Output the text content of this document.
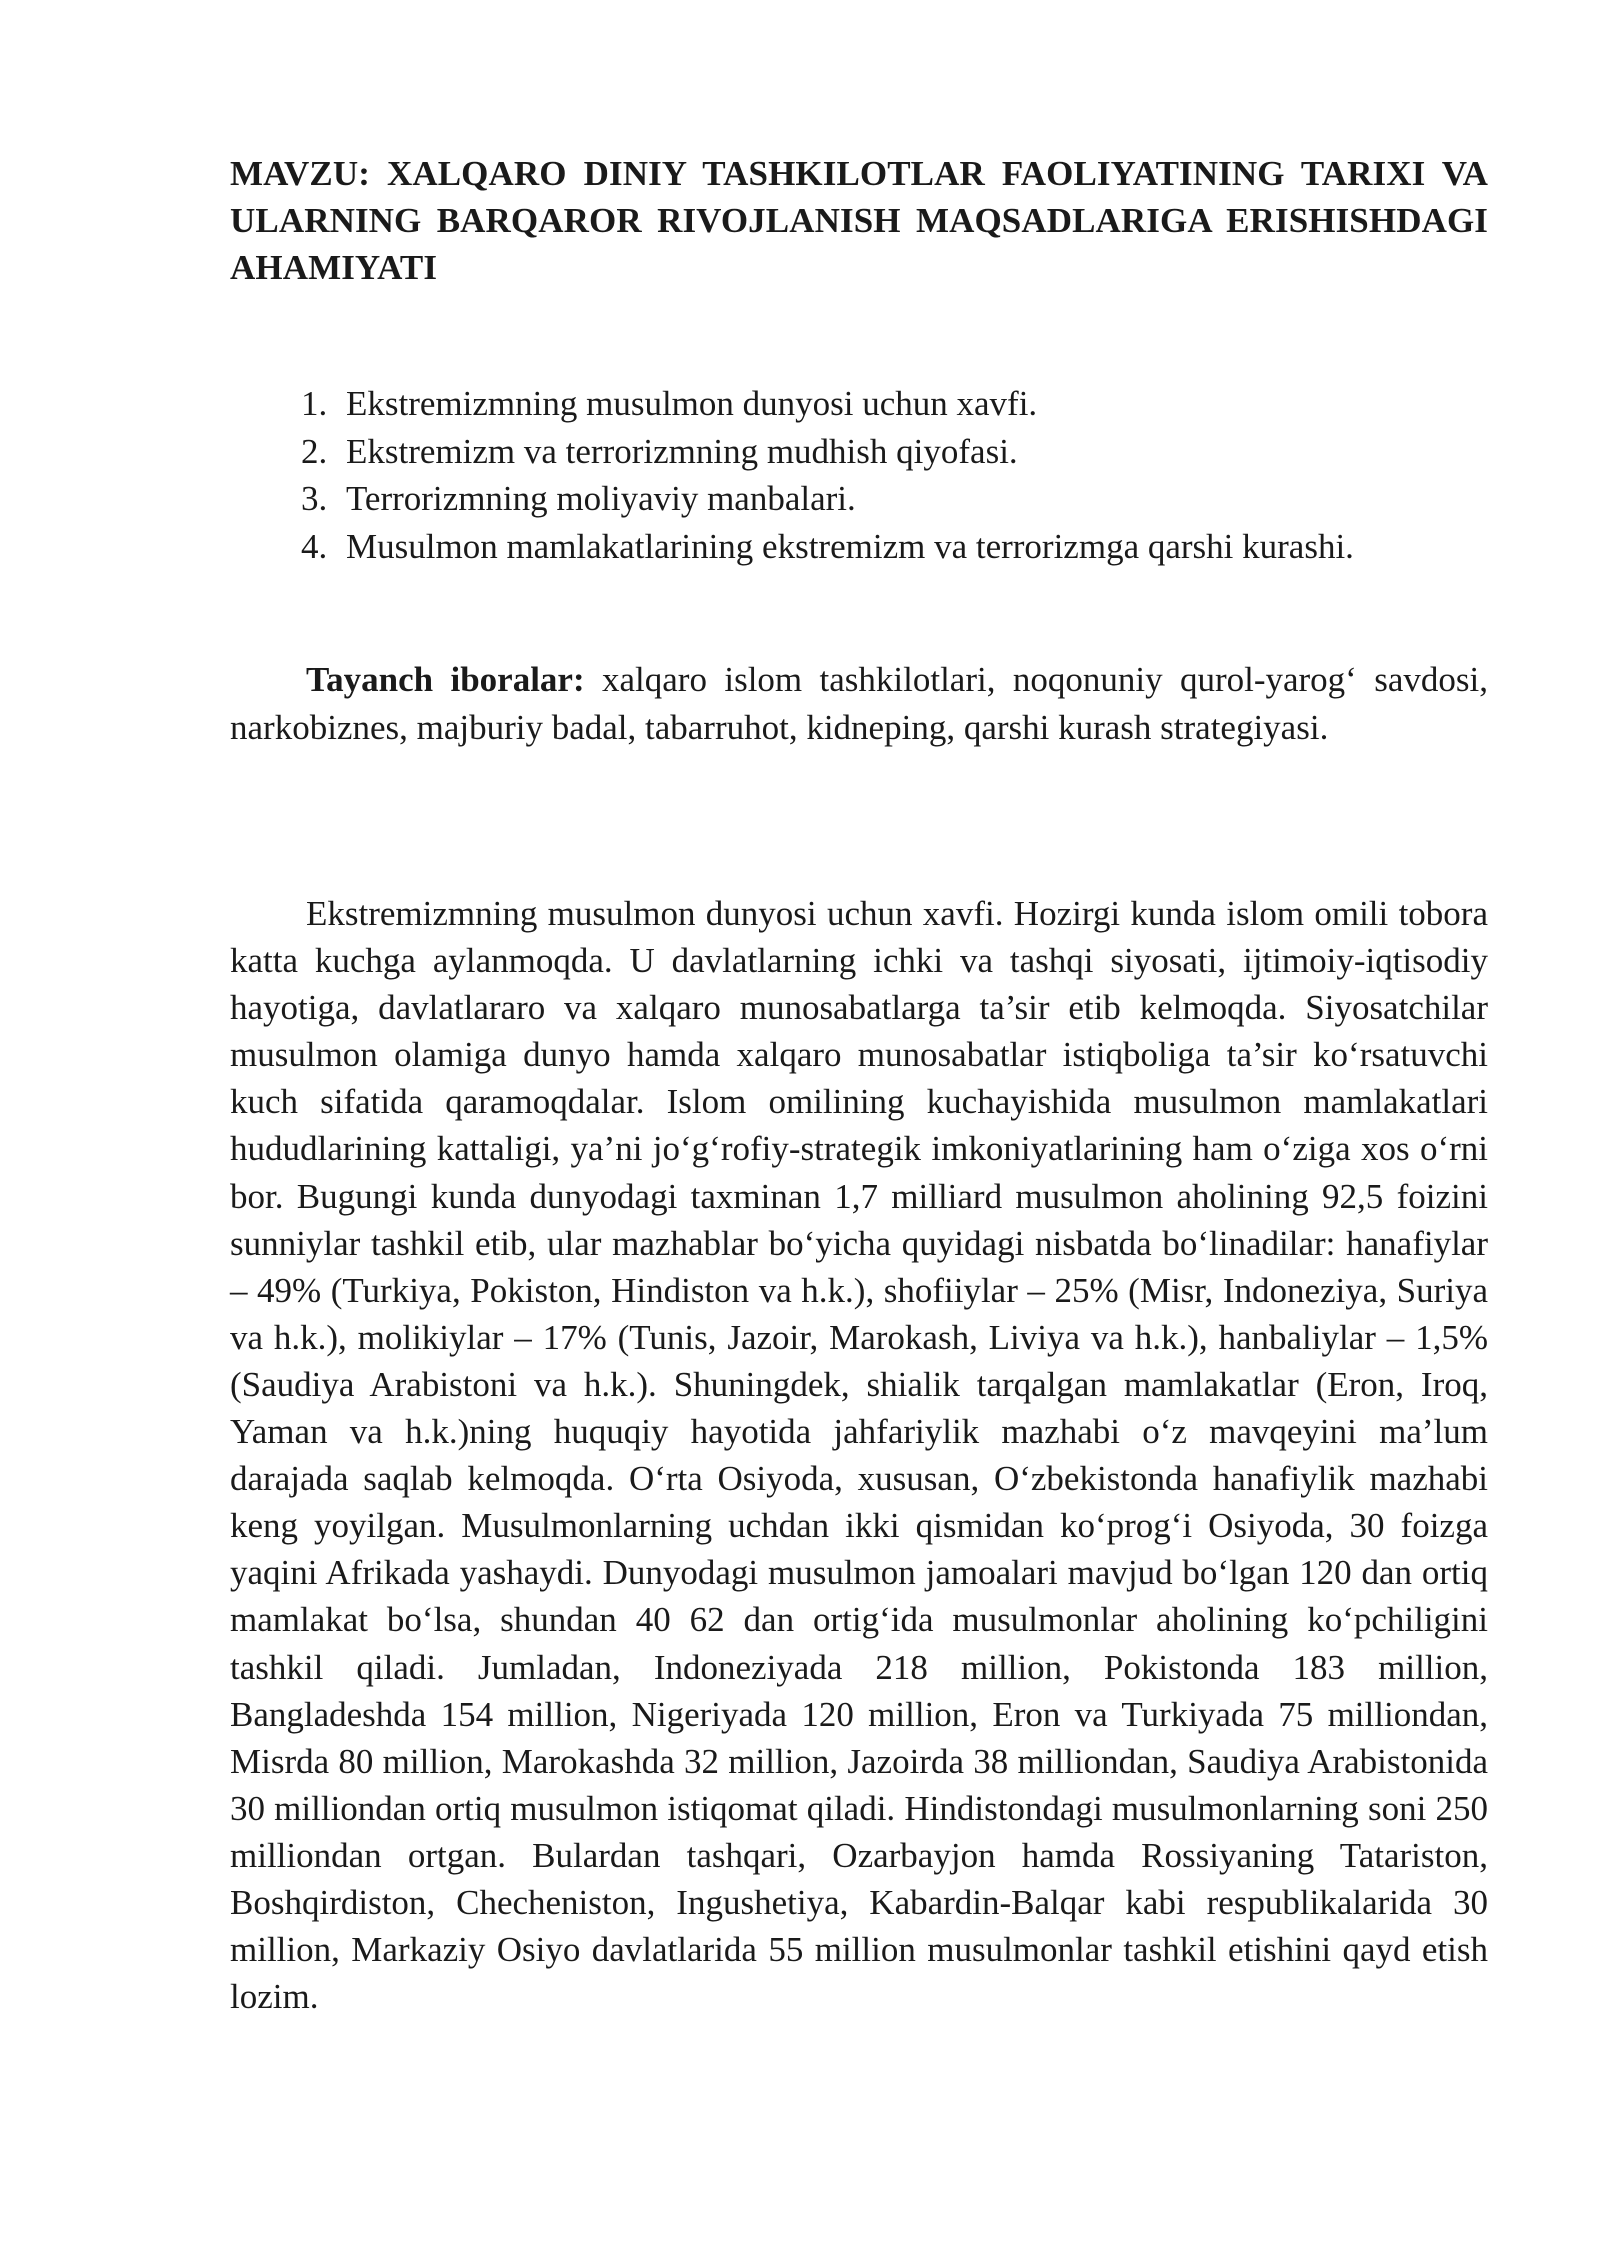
MAVZU: XALQARO DINIY TASHKILOTLAR FAOLIYATINING TARIXI VA ULARNING BARQAROR RIVOJLANISH MAQSADLARIGA ERISHISHDAGI AHAMIYATI
1. Ekstremizmning musulmon dunyosi uchun xavfi.
2. Ekstremizm va terrorizmning mudhish qiyofasi.
3. Terrorizmning moliyaviy manbalari.
4. Musulmon mamlakatlarining ekstremizm va terrorizmga qarshi kurashi.

Tayanch iboralar: xalqaro islom tashkilotlari, noqonuniy qurol-yarog‘ savdosi, narkobiznes, majburiy badal, tabarruhot, kidneping, qarshi kurash strategiyasi.

Ekstremizmning musulmon dunyosi uchun xavfi. Hozirgi kunda islom omili tobora katta kuchga aylanmoqda. U davlatlarning ichki va tashqi siyosati, ijtimoiy-iqtisodiy hayotiga, davlatlararo va xalqaro munosabatlarga ta’sir etib kelmoqda. Siyosatchilar musulmon olamiga dunyo hamda xalqaro munosabatlar istiqboliga ta’sir ko‘rsatuvchi kuch sifatida qaramoqdalar. Islom omilining kuchayishida musulmon mamlakatlari hududlarining kattaligi, ya’ni jo‘g‘rofiy-strategik imkoniyatlarining ham o‘ziga xos o‘rni bor. Bugungi kunda dunyodagi taxminan 1,7 milliard musulmon aholining 92,5 foizini sunniylar tashkil etib, ular mazhablar bo‘yicha quyidagi nisbatda bo‘linadilar: hanafiylar – 49% (Turkiya, Pokiston, Hindiston va h.k.), shofiiylar – 25% (Misr, Indoneziya, Suriya va h.k.), molikiylar – 17% (Tunis, Jazoir, Marokash, Liviya va h.k.), hanbaliylar – 1,5% (Saudiya Arabistoni va h.k.). Shuningdek, shialik tarqalgan mamlakatlar (Eron, Iroq, Yaman va h.k.)ning huquqiy hayotida jahfariylik mazhabi o‘z mavqeyini ma’lum darajada saqlab kelmoqda. O‘rta Osiyoda, xususan, O‘zbekistonda hanafiylik mazhabi keng yoyilgan. Musulmonlarning uchdan ikki qismidan ko‘prog‘i Osiyoda, 30 foizga yaqini Afrikada yashaydi. Dunyodagi musulmon jamoalari mavjud bo‘lgan 120 dan ortiq mamlakat bo‘lsa, shundan 40 62 dan ortig‘ida musulmonlar aholining ko‘pchiligini tashkil qiladi. Jumladan, Indoneziyada 218 million, Pokistonda 183 million, Bangladeshda 154 million, Nigeriyada 120 million, Eron va Turkiyada 75 milliondan, Misrda 80 million, Marokashda 32 million, Jazoirda 38 milliondan, Saudiya Arabistonida 30 milliondan ortiq musulmon istiqomat qiladi. Hindistondagi musulmonlarning soni 250 milliondan ortgan. Bulardan tashqari, Ozarbayjon hamda Rossiyaning Tatariston, Boshqirdiston, Checheniston, Ingushetiya, Kabardin-Balqar kabi respublikalarida 30 million, Markaziy Osiyo davlatlarida 55 million musulmonlar tashkil etishini qayd etish lozim.
